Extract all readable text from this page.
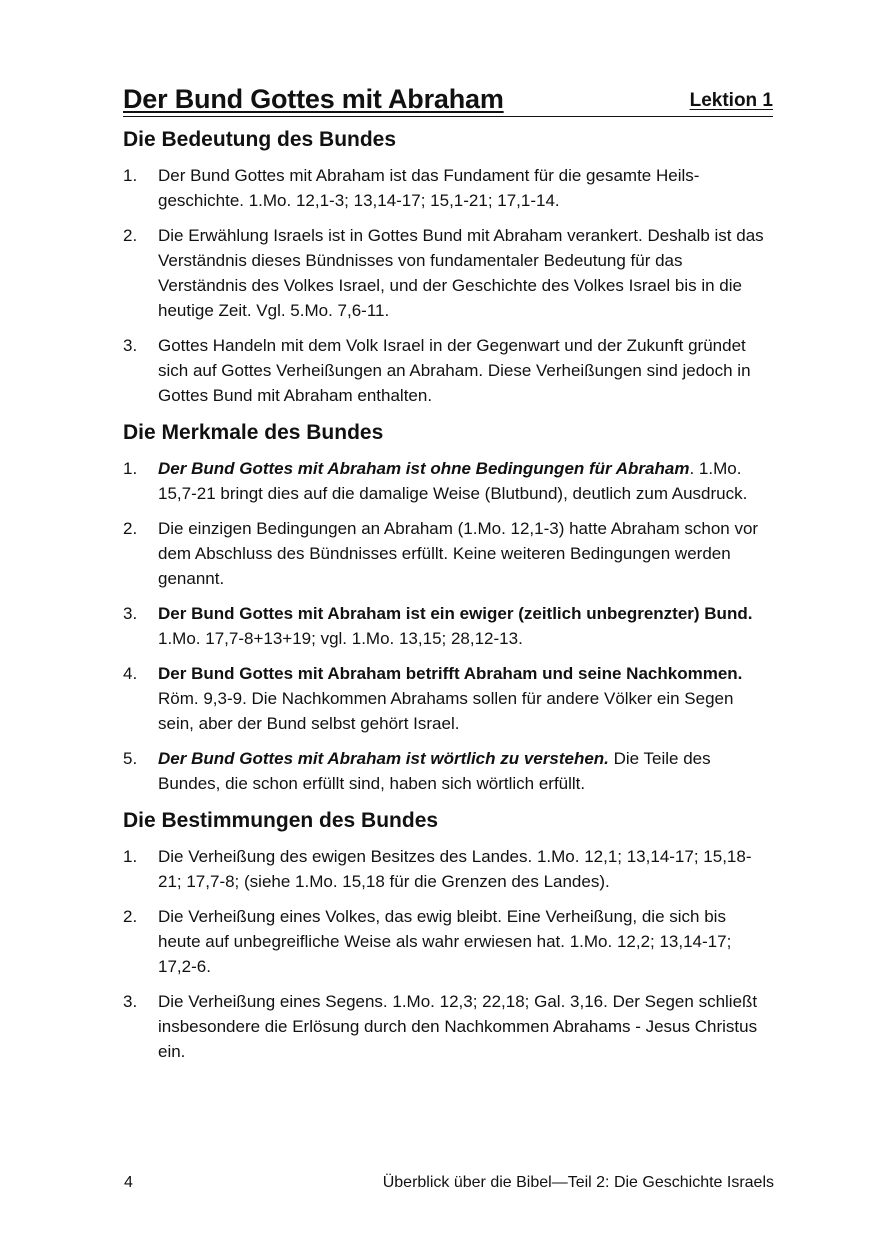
Der Bund Gottes mit Abraham	Lektion 1
Die Bedeutung des Bundes
1.	Der Bund Gottes mit Abraham ist das Fundament für die gesamte Heils-geschichte. 1.Mo. 12,1-3; 13,14-17; 15,1-21; 17,1-14.
2.	Die Erwählung Israels ist in Gottes Bund mit Abraham verankert. Deshalb ist das Verständnis dieses Bündnisses von fundamentaler Bedeutung für das Verständnis des Volkes Israel, und der Geschichte des Volkes Israel bis in die heutige Zeit. Vgl. 5.Mo. 7,6-11.
3.	Gottes Handeln mit dem Volk Israel in der Gegenwart und der Zukunft gründet sich auf Gottes Verheißungen an Abraham. Diese Verheißungen sind jedoch in Gottes Bund mit Abraham enthalten.
Die Merkmale des Bundes
1.	Der Bund Gottes mit Abraham ist ohne Bedingungen für Abraham. 1.Mo. 15,7-21 bringt dies auf die damalige Weise (Blutbund), deutlich zum Ausdruck.
2.	Die einzigen Bedingungen an Abraham (1.Mo. 12,1-3) hatte Abraham schon vor dem Abschluss des Bündnisses erfüllt. Keine weiteren Bedingungen werden genannt.
3.	Der Bund Gottes mit Abraham ist ein ewiger (zeitlich unbegrenzter) Bund. 1.Mo. 17,7-8+13+19; vgl. 1.Mo. 13,15; 28,12-13.
4.	Der Bund Gottes mit Abraham betrifft Abraham und seine Nachkommen. Röm. 9,3-9. Die Nachkommen Abrahams sollen für andere Völker ein Segen sein, aber der Bund selbst gehört Israel.
5.	Der Bund Gottes mit Abraham ist wörtlich zu verstehen. Die Teile des Bundes, die schon erfüllt sind, haben sich wörtlich erfüllt.
Die Bestimmungen des Bundes
1.	Die Verheißung des ewigen Besitzes des Landes. 1.Mo. 12,1; 13,14-17; 15,18-21; 17,7-8; (siehe 1.Mo. 15,18 für die Grenzen des Landes).
2.	Die Verheißung eines Volkes, das ewig bleibt. Eine Verheißung, die sich bis heute auf unbegreifliche Weise als wahr erwiesen hat. 1.Mo. 12,2; 13,14-17; 17,2-6.
3.	Die Verheißung eines Segens. 1.Mo. 12,3; 22,18; Gal. 3,16. Der Segen schließt insbesondere die Erlösung durch den Nachkommen Abrahams - Jesus Christus ein.
4	Überblick über die Bibel—Teil 2: Die Geschichte Israels
